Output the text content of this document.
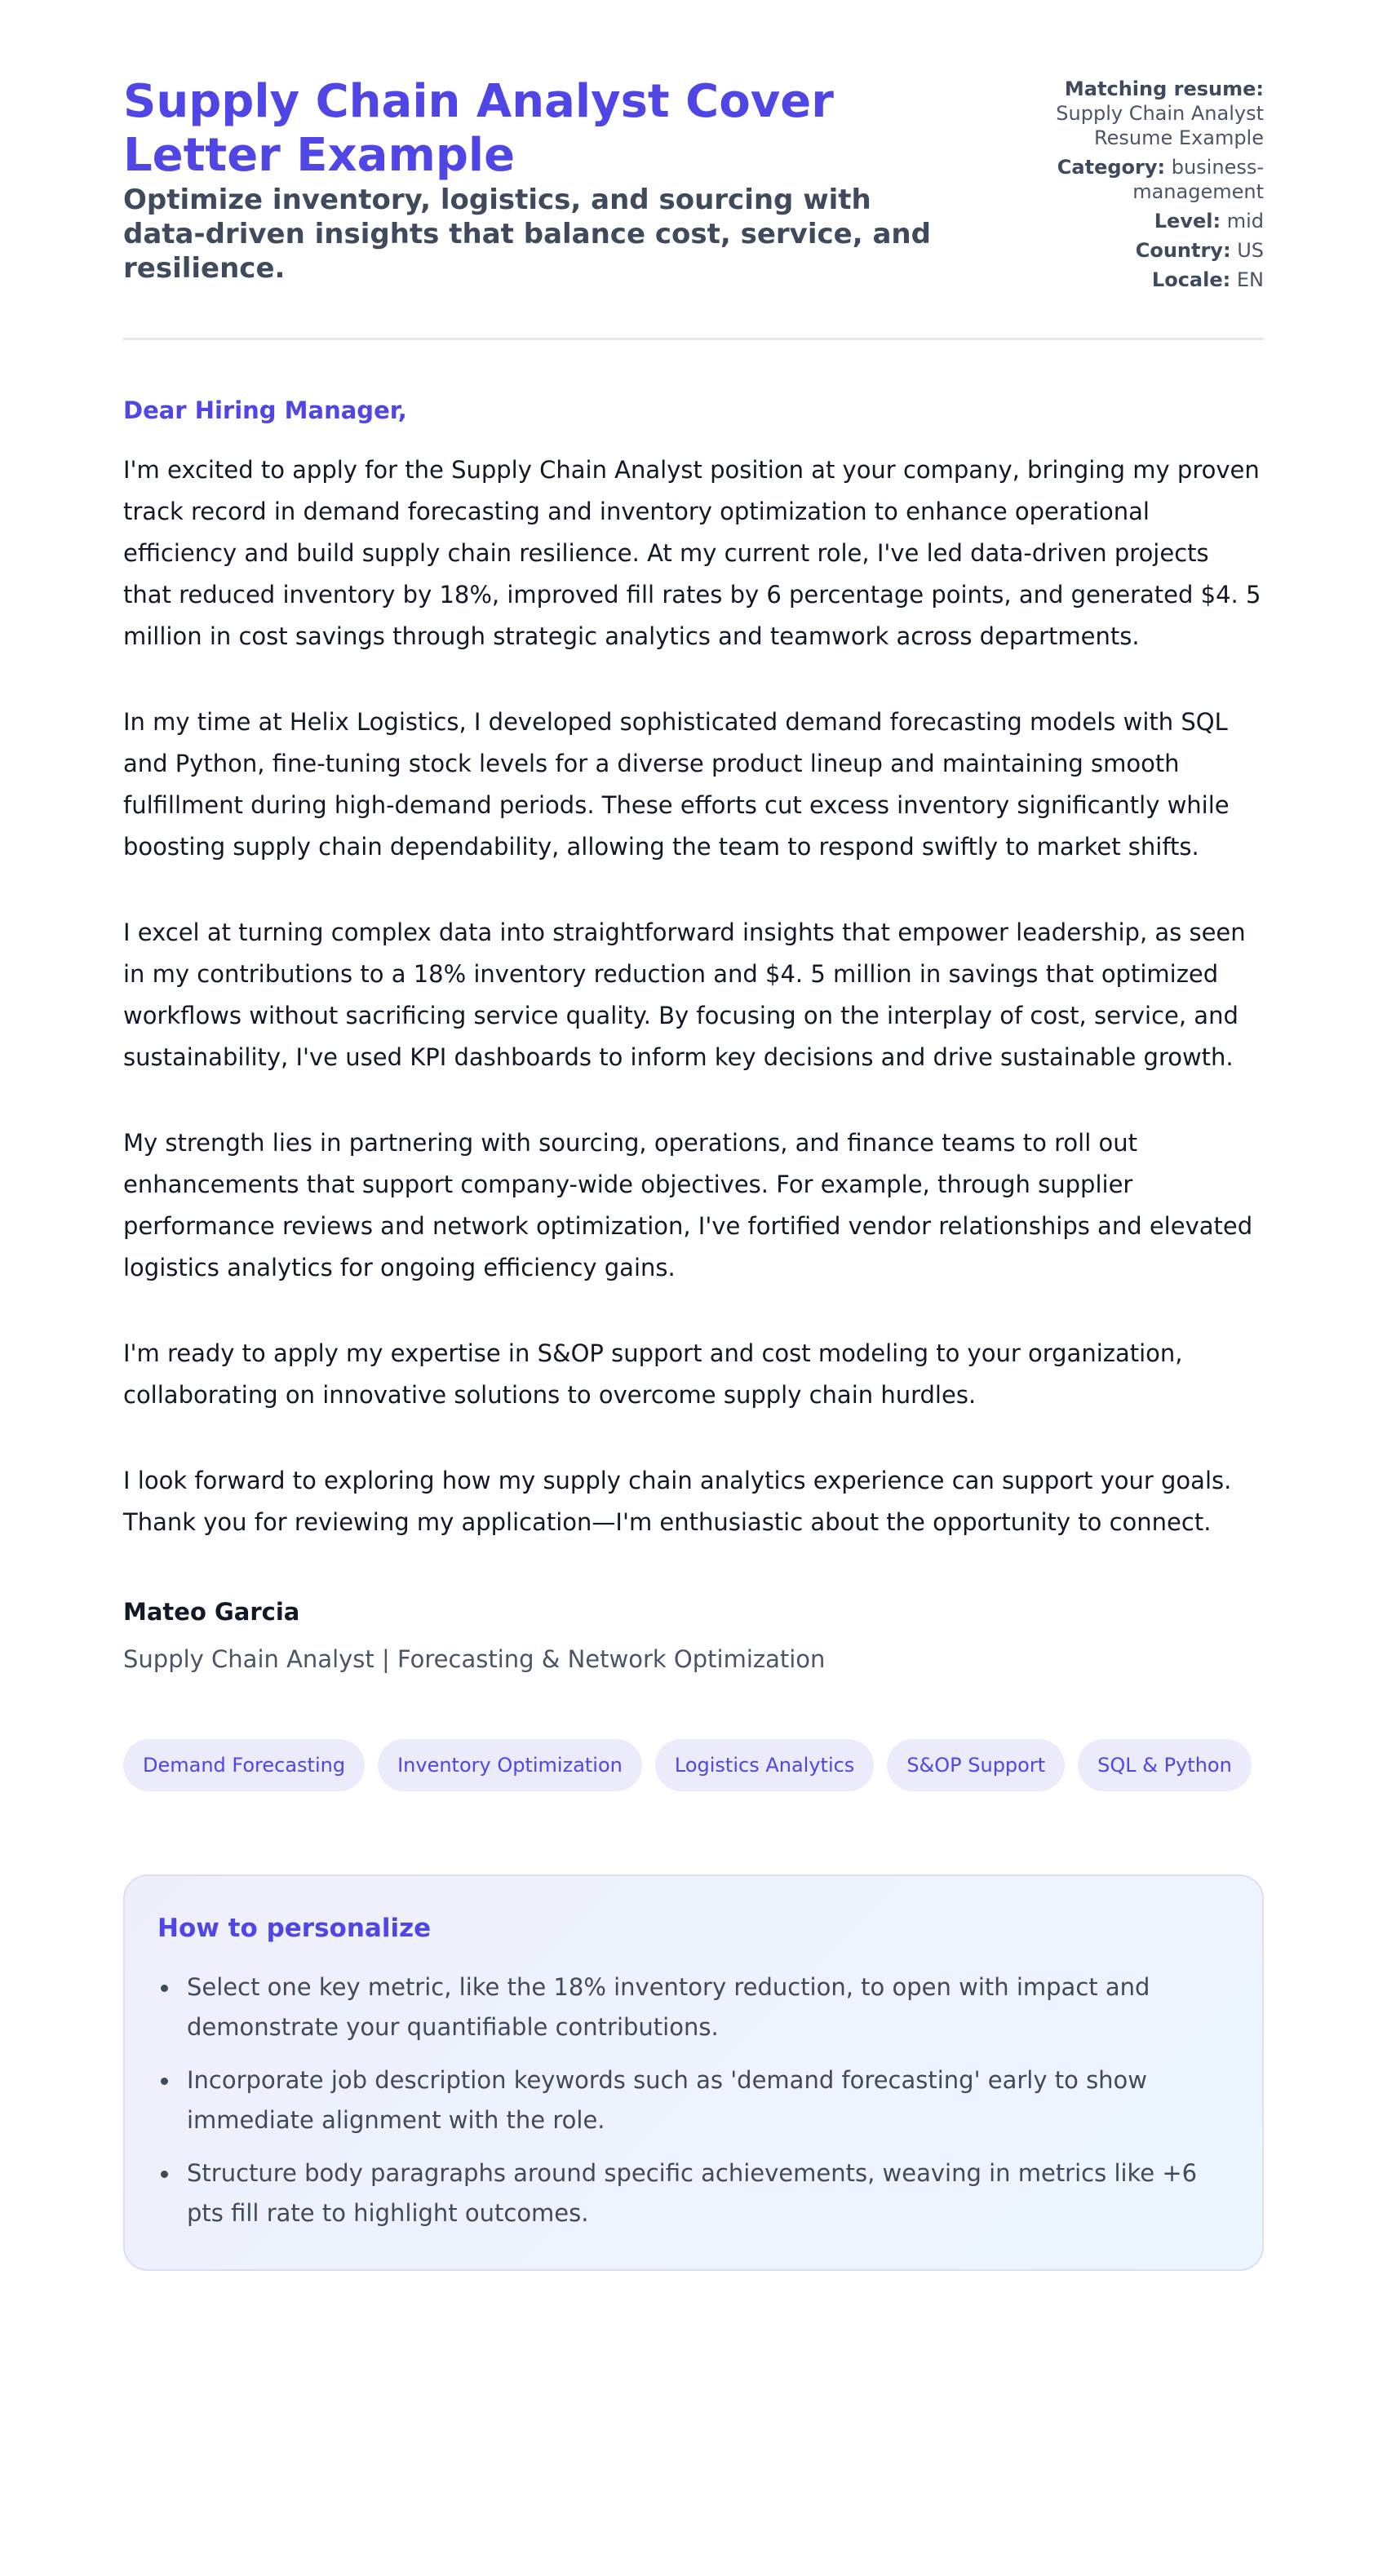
Supply Chain Analyst Cover Letter Example
Optimize inventory, logistics, and sourcing with data-driven insights that balance cost, service, and resilience.
Matching resume:
Supply Chain Analyst Resume Example
Category: business-management
Level: mid
Country: US
Locale: EN

Dear Hiring Manager,

I'm excited to apply for the Supply Chain Analyst position at your company, bringing my proven track record in demand forecasting and inventory optimization to enhance operational efficiency and build supply chain resilience. At my current role, I've led data-driven projects that reduced inventory by 18%, improved fill rates by 6 percentage points, and generated $4. 5 million in cost savings through strategic analytics and teamwork across departments.

In my time at Helix Logistics, I developed sophisticated demand forecasting models with SQL and Python, fine-tuning stock levels for a diverse product lineup and maintaining smooth fulfillment during high-demand periods. These efforts cut excess inventory significantly while boosting supply chain dependability, allowing the team to respond swiftly to market shifts.

I excel at turning complex data into straightforward insights that empower leadership, as seen in my contributions to a 18% inventory reduction and $4. 5 million in savings that optimized workflows without sacrificing service quality. By focusing on the interplay of cost, service, and sustainability, I've used KPI dashboards to inform key decisions and drive sustainable growth.

My strength lies in partnering with sourcing, operations, and finance teams to roll out enhancements that support company-wide objectives. For example, through supplier performance reviews and network optimization, I've fortified vendor relationships and elevated logistics analytics for ongoing efficiency gains.

I'm ready to apply my expertise in S&OP support and cost modeling to your organization, collaborating on innovative solutions to overcome supply chain hurdles.

I look forward to exploring how my supply chain analytics experience can support your goals. Thank you for reviewing my application—I'm enthusiastic about the opportunity to connect.

Mateo Garcia
Supply Chain Analyst | Forecasting & Network Optimization
Demand Forecasting	Inventory Optimization	Logistics Analytics	S&OP Support	SQL & Python
How to personalize
Select one key metric, like the 18% inventory reduction, to open with impact and demonstrate your quantifiable contributions.
Incorporate job description keywords such as 'demand forecasting' early to show immediate alignment with the role.
Structure body paragraphs around specific achievements, weaving in metrics like +6 pts fill rate to highlight outcomes.
